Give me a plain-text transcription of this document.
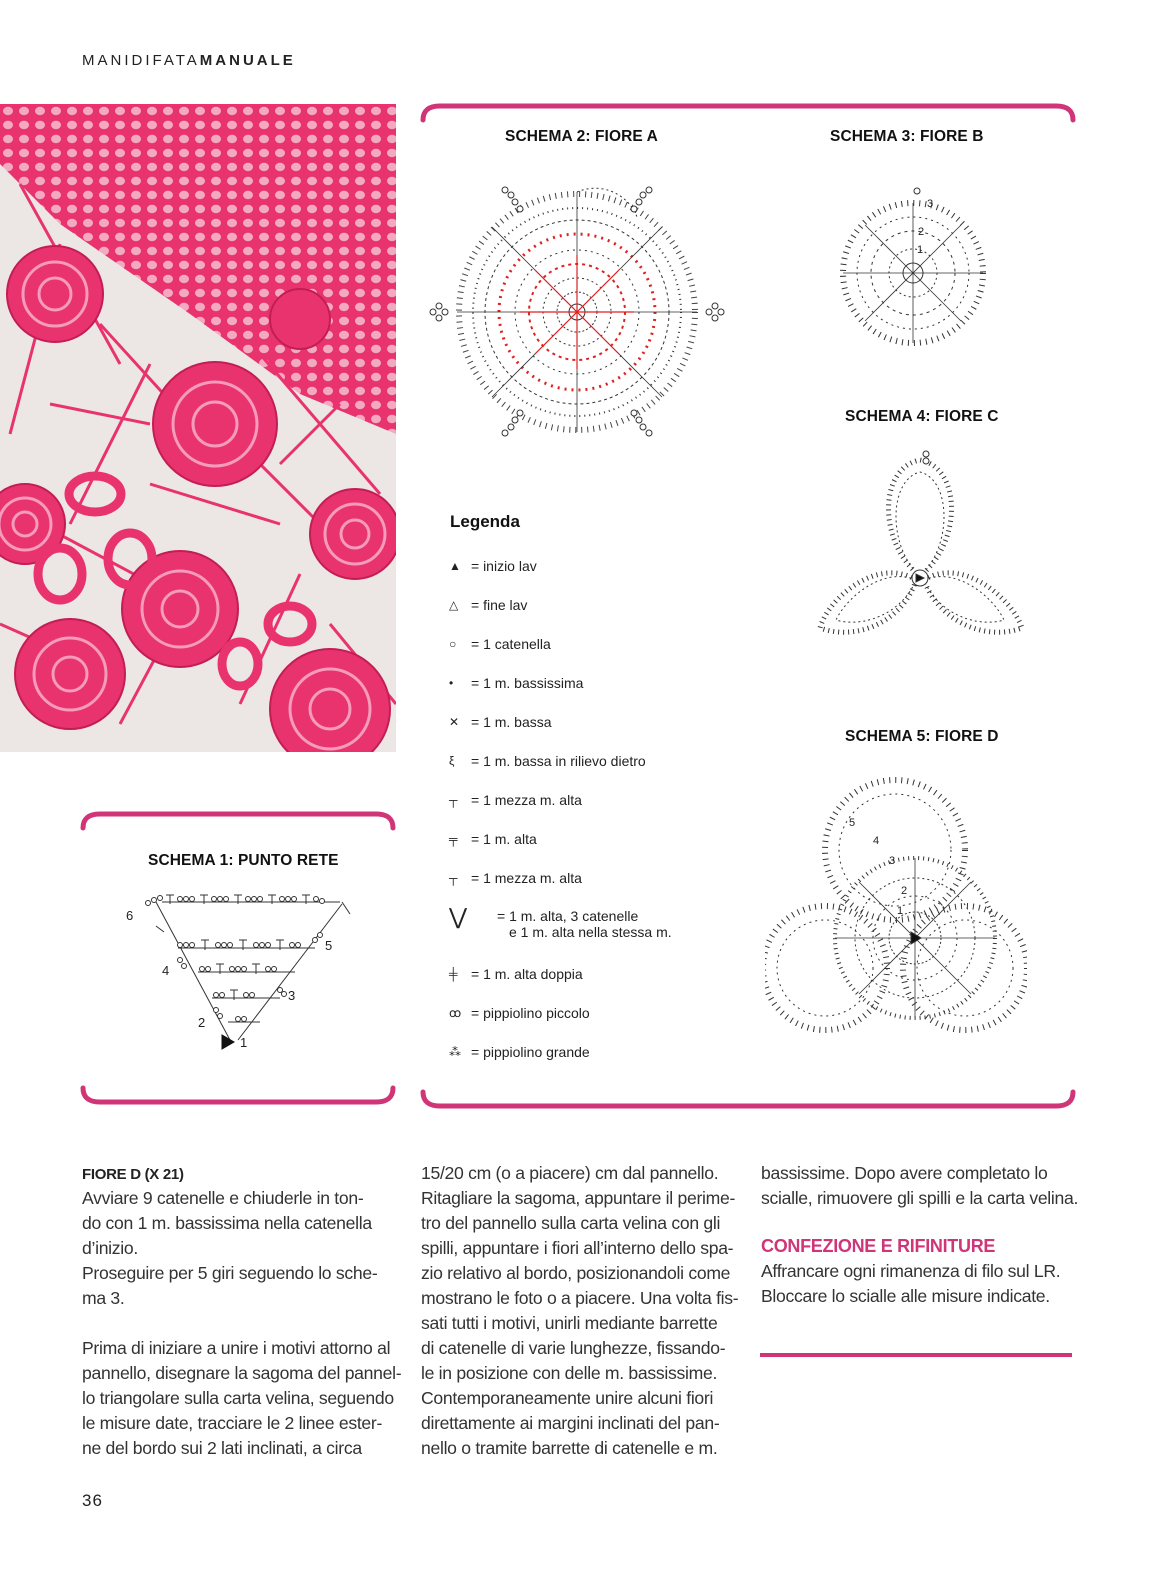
MANIDIFATAMANUALE
SCHEMA 1: PUNTO RETE
1
2
3
4
5
6
SCHEMA 2: FIORE A	SCHEMA 3: FIORE B
SCHEMA 4: FIORE C
SCHEMA 5: FIORE D
3
2
1
5
4
3
2
1
Legenda
▲ = inizio lav
△ = fine lav
○	= 1 catenella
•	= 1 m. bassissima
✕ = 1 m. bassa
ξ	= 1 m. bassa in rilievo dietro
┬ = 1 mezza m. alta
╤ = 1 m. alta
┬ = 1 mezza m. alta
⋁	= 1 m. alta, 3 catenelle
e 1 m. alta nella stessa m.
╪ = 1 m. alta doppia
ꝏ = pippiolino piccolo
⁂ = pippiolino grande
FIORE D (X 21)

Avviare 9 catenelle e chiuderle in ton-

do con 1 m. bassissima nella catenella

d’inizio.

Proseguire per 5 giri seguendo lo sche-

ma 3.

Prima di iniziare a unire i motivi attorno al

pannello, disegnare la sagoma del pannel-

lo triangolare sulla carta velina, seguendo

le misure date, tracciare le 2 linee ester-

ne del bordo sui 2 lati inclinati, a circa

15/20 cm (o a piacere) cm dal pannello.

Ritagliare la sagoma, appuntare il perime-

tro del pannello sulla carta velina con gli

spilli, appuntare i fiori all’interno dello spa-

zio relativo al bordo, posizionandoli come

mostrano le foto o a piacere. Una volta fis-

sati tutti i motivi, unirli mediante barrette

di catenelle di varie lunghezze, fissando-

le in posizione con delle m. bassissime.

Contemporaneamente unire alcuni fiori

direttamente ai margini inclinati del pan-

nello o tramite barrette di catenelle e m.

bassissime. Dopo avere completato lo

scialle, rimuovere gli spilli e la carta velina.

CONFEZIONE E RIFINITURE

Affrancare ogni rimanenza di filo sul LR.

Bloccare lo scialle alle misure indicate.

36
